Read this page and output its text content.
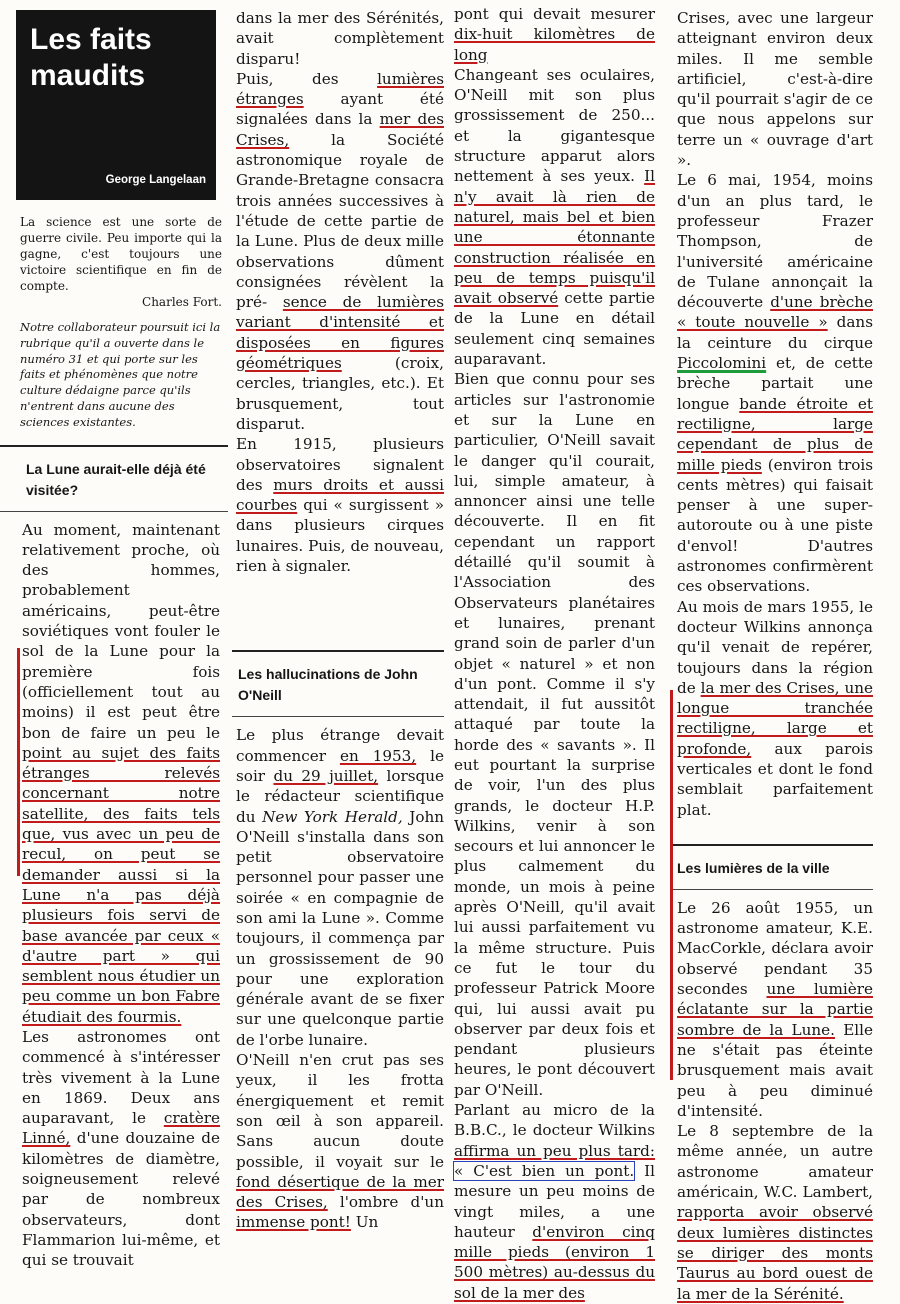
Les faits maudits
George Langelaan

La science est une sorte de guerre civile. Peu importe qui la gagne, c'est toujours une victoire scientifique en fin de compte.
Charles Fort.

Notre collaborateur poursuit ici la rubrique qu'il a ouverte dans le numéro 31 et qui porte sur les faits et phénomènes que notre culture dédaigne parce qu'ils n'entrent dans aucune des sciences existantes.

La Lune aurait-elle déjà été visitée?

Au moment, maintenant relativement proche, où des hommes, probablement américains, peut-être soviétiques vont fouler le sol de la Lune pour la première fois (officiellement tout au moins) il est peut être bon de faire un peu le point au sujet des faits étranges relevés concernant notre satellite, des faits tels que, vus avec un peu de recul, on peut se demander aussi si la Lune n'a pas déjà plusieurs fois servi de base avancée par ceux « d'autre part » qui semblent nous étudier un peu comme un bon Fabre étudiait des fourmis.

Les astronomes ont commencé à s'intéresser très vivement à la Lune en 1869. Deux ans auparavant, le cratère Linné, d'une douzaine de kilomètres de diamètre, soigneusement relevé par de nombreux observateurs, dont Flammarion lui-même, et qui se trouvait

dans la mer des Sérénités, avait complètement disparu!

Puis, des	lumières étranges ayant été signalées dans la mer des Crises,	la Société astronomique royale de Grande-Bretagne consacra trois années successives à l'étude de cette partie de la Lune. Plus de deux mille observations dûment consignées révèlent la pré- sence de lumières variant d'intensité et disposées en figures géométriques	(croix, cercles, triangles, etc.). Et brusquement, tout disparut.

En 1915, plusieurs observatoires signalent des murs droits et aussi courbes qui « surgissent » dans plusieurs cirques lunaires. Puis, de nouveau, rien à signaler.

Les hallucinations de John O'Neill

Le plus étrange devait commencer en 1953, le soir du 29 juillet, lorsque le rédacteur scientifique du New York Herald, John O'Neill s'installa dans son petit observatoire personnel pour passer une soirée « en compagnie de son ami la Lune ». Comme toujours, il commença par un grossissement de 90 pour une exploration générale avant de se fixer sur une quelconque partie de l'orbe lunaire.

O'Neill n'en crut pas ses yeux, il les frotta énergiquement et remit son œil à son appareil. Sans aucun doute possible, il voyait sur le fond désertique de la mer des Crises, l'ombre d'un immense pont! Un

pont qui devait mesurer dix-huit kilomètres de long

Changeant ses oculaires, O'Neill mit son plus grossissement de 250... et la gigantesque structure apparut alors nettement à ses yeux. Il n'y avait là rien de naturel, mais bel et bien une étonnante construction réalisée en peu de temps puisqu'il avait observé cette partie de la Lune en détail seulement cinq semaines auparavant.

Bien que connu pour ses articles sur l'astronomie et sur la Lune en particulier, O'Neill savait le danger qu'il courait, lui, simple amateur, à annoncer ainsi une telle découverte. Il en fit cependant un rapport détaillé qu'il soumit à l'Association des Observateurs planétaires et lunaires, prenant grand soin de parler d'un objet « naturel » et non d'un pont. Comme il s'y attendait, il fut aussitôt attaqué par toute la horde des « savants ». Il eut pourtant la surprise de voir, l'un des plus grands, le docteur H.P. Wilkins, venir à son secours et lui annoncer le plus calmement du monde, un mois à peine après O'Neill, qu'il avait lui aussi parfaitement vu la même structure. Puis ce fut le tour du professeur Patrick Moore qui, lui aussi avait pu observer par deux fois et pendant plusieurs heures, le pont découvert par O'Neill.

Parlant au micro de la B.B.C., le docteur Wilkins affirma un peu plus tard: « C'est bien un pont. Il mesure un peu moins de vingt miles, a une hauteur d'environ cinq mille pieds (environ 1 500 mètres) au-dessus du sol de la mer des

Crises, avec une largeur atteignant environ deux miles. Il me semble artificiel, c'est-à-dire qu'il pourrait s'agir de ce que nous appelons sur terre un « ouvrage d'art ».

Le 6 mai, 1954, moins d'un an plus tard, le professeur Frazer Thompson, de l'université américaine de Tulane annonçait la découverte d'une brèche « toute nouvelle » dans la ceinture du cirque Piccolomini et, de cette brèche partait une longue bande étroite et rectiligne, large cependant de plus de mille pieds (environ trois cents mètres) qui faisait penser à une super-autoroute ou à une piste d'envol! D'autres astronomes confirmèrent ces observations.

Au mois de mars 1955, le docteur Wilkins annonça qu'il venait de repérer, toujours dans la région de la mer des Crises, une longue tranchée rectiligne, large et profonde, aux parois verticales et dont le fond semblait parfaitement plat.

Les lumières de la ville

Le 26 août 1955, un astronome amateur, K.E. MacCorkle, déclara avoir observé pendant 35 secondes une lumière éclatante sur la partie sombre de la Lune. Elle ne s'était pas éteinte brusquement mais avait peu à peu diminué d'intensité.

Le 8 septembre de la même année, un autre astronome amateur américain, W.C. Lambert, rapporta avoir observé deux lumières distinctes se diriger des monts Taurus au bord ouest de la mer de la Sérénité.
